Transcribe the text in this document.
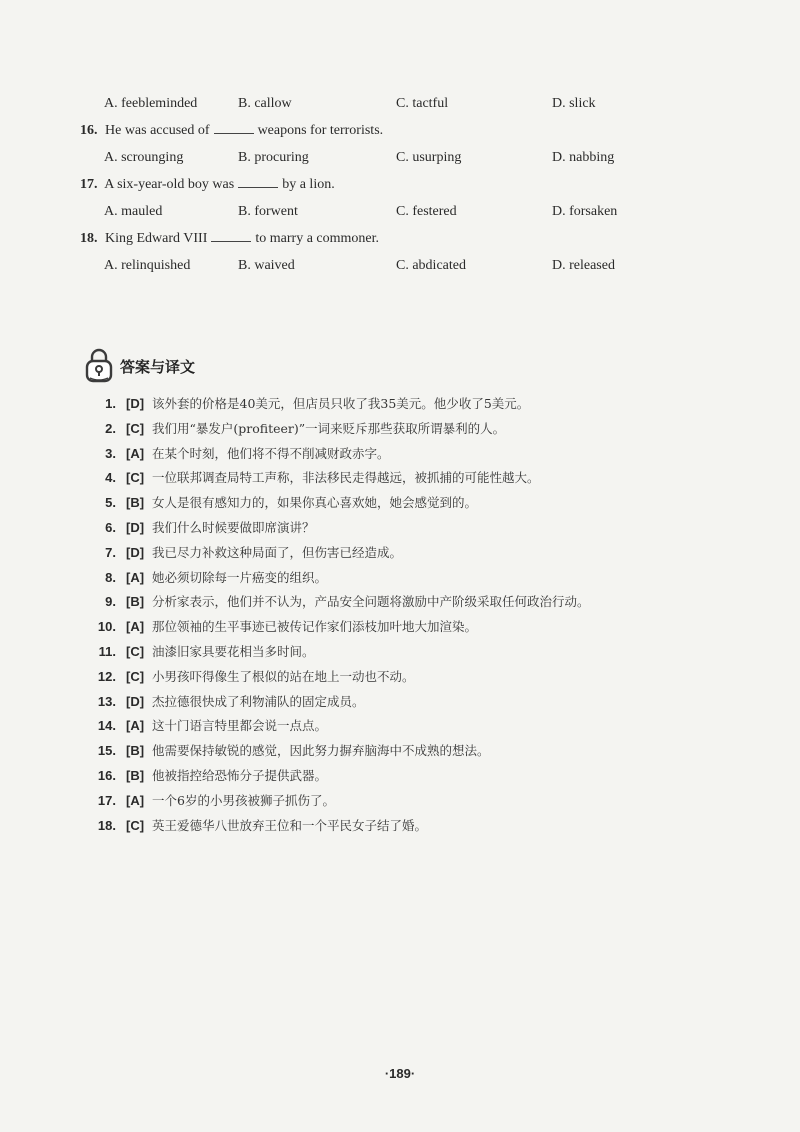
A. feebleminded	B. callow	C. tactful	D. slick
16. He was accused of	weapons for terrorists.
A. scrounging	B. procuring	C. usurping	D. nabbing
17. A six-year-old boy was	by a lion.
A. mauled	B. forwent	C. festered	D. forsaken
18. King Edward VIII	to marry a commoner.
A. relinquished	B. waived	C. abdicated	D. released
答案与译文
1. [D] 该外套的价格是40美元，但店员只收了我35美元。他少收了5美元。
2. [C] 我们用“暴发户(profiteer)”一词来贬斥那些获取所谓暴利的人。
3. [A] 在某个时刻，他们将不得不削减财政赤字。
4. [C] 一位联邦调查局特工声称，非法移民走得越远，被抓捕的可能性越大。
5. [B] 女人是很有感知力的，如果你真心喜欢她，她会感觉到的。
6. [D] 我们什么时候要做即席演讲？
7. [D] 我已尽力补救这种局面了，但伤害已经造成。
8. [A] 她必须切除每一片癌变的组织。
9. [B] 分析家表示，他们并不认为，产品安全问题将激励中产阶级采取任何政治行动。
10. [A] 那位领袖的生平事迹已被传记作家们添枝加叶地大加渲染。
11. [C] 油漆旧家具要花相当多时间。
12. [C] 小男孩吓得像生了根似的站在地上一动也不动。
13. [D] 杰拉德很快成了利物浦队的固定成员。
14. [A] 这十门语言特里都会说一点点。
15. [B] 他需要保持敏锐的感觉，因此努力摒弃脑海中不成熟的想法。
16. [B] 他被指控给恐怖分子提供武器。
17. [A] 一个6岁的小男孩被狮子抓伤了。
18. [C] 英王爱德华八世放弃王位和一个平民女子结了婚。
·189·
